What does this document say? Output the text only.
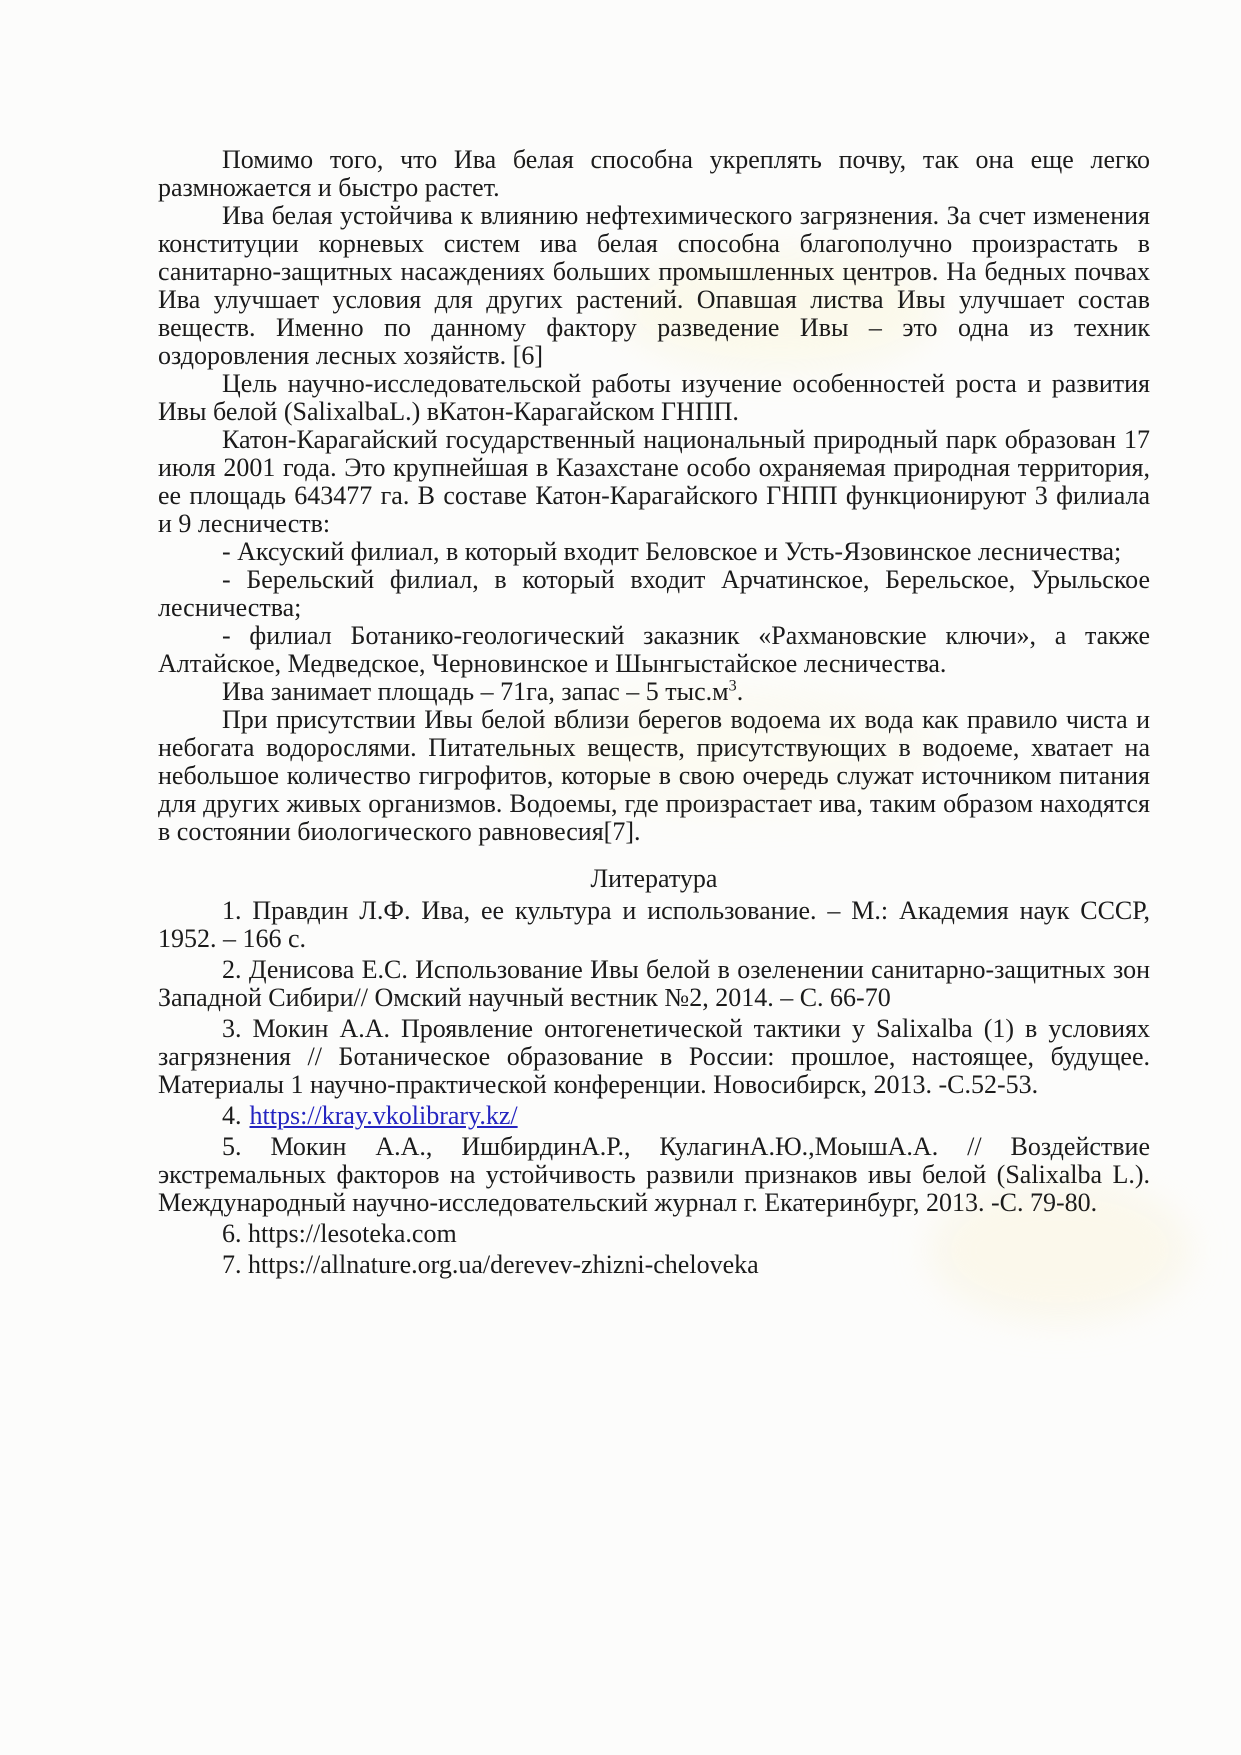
Помимо того, что Ива белая способна укреплять почву, так она еще легко размножается и быстро растет.

Ива белая устойчива к влиянию нефтехимического загрязнения. За счет изменения конституции корневых систем ива белая способна благополучно произрастать в санитарно-защитных насаждениях больших промышленных центров. На бедных почвах Ива улучшает условия для других растений. Опавшая листва Ивы улучшает состав веществ. Именно по данному фактору разведение Ивы – это одна из техник оздоровления лесных хозяйств. [6]

Цель научно-исследовательской работы изучение особенностей роста и развития Ивы белой (SalixalbaL.) вКатон-Карагайском ГНПП.

Катон-Карагайский государственный национальный природный парк образован 17 июля 2001 года. Это крупнейшая в Казахстане особо охраняемая природная территория, ее площадь 643477 га. В составе Катон-Карагайского ГНПП функционируют 3 филиала и 9 лесничеств:

- Аксуский филиал, в который входит Беловское и Усть-Язовинское лесничества;

- Берельский филиал, в который входит Арчатинское, Берельское, Урыльское лесничества;

- филиал Ботанико-геологический заказник «Рахмановские ключи», а также Алтайское, Медведское, Черновинское и Шынгыстайское лесничества.

Ива занимает площадь – 71га, запас – 5 $тыс.м^3$.

При присутствии Ивы белой вблизи берегов водоема их вода как правило чиста и небогата водорослями. Питательных веществ, присутствующих в водоеме, хватает на небольшое количество гигрофитов, которые в свою очередь служат источником питания для других живых организмов. Водоемы, где произрастает ива, таким образом находятся в состоянии биологического равновесия[7].

Литература

1. Правдин Л.Ф. Ива, ее культура и использование. – М.: Академия наук СССР, 1952. – 166 с.

2. Денисова Е.С. Использование Ивы белой в озеленении санитарно-защитных зон Западной Сибири// Омский научный вестник №2, 2014. – С. 66-70

3. Мокин А.А. Проявление онтогенетической тактики у Salixalba (1) в условиях загрязнения // Ботаническое образование в России: прошлое, настоящее, будущее. Материалы 1 научно-практической конференции. Новосибирск, 2013. -С.52-53.

4. https://kray.vkolibrary.kz/

5. Мокин А.А., ИшбирдинА.Р., КулагинА.Ю.,МоышА.А. // Воздействие экстремальных факторов на устойчивость развили признаков ивы белой (Salixalba L.). Международный научно-исследовательский журнал г. Екатеринбург, 2013. -С. 79-80.

6. https://lesoteka.com

7. https://allnature.org.ua/derevev-zhizni-cheloveka
